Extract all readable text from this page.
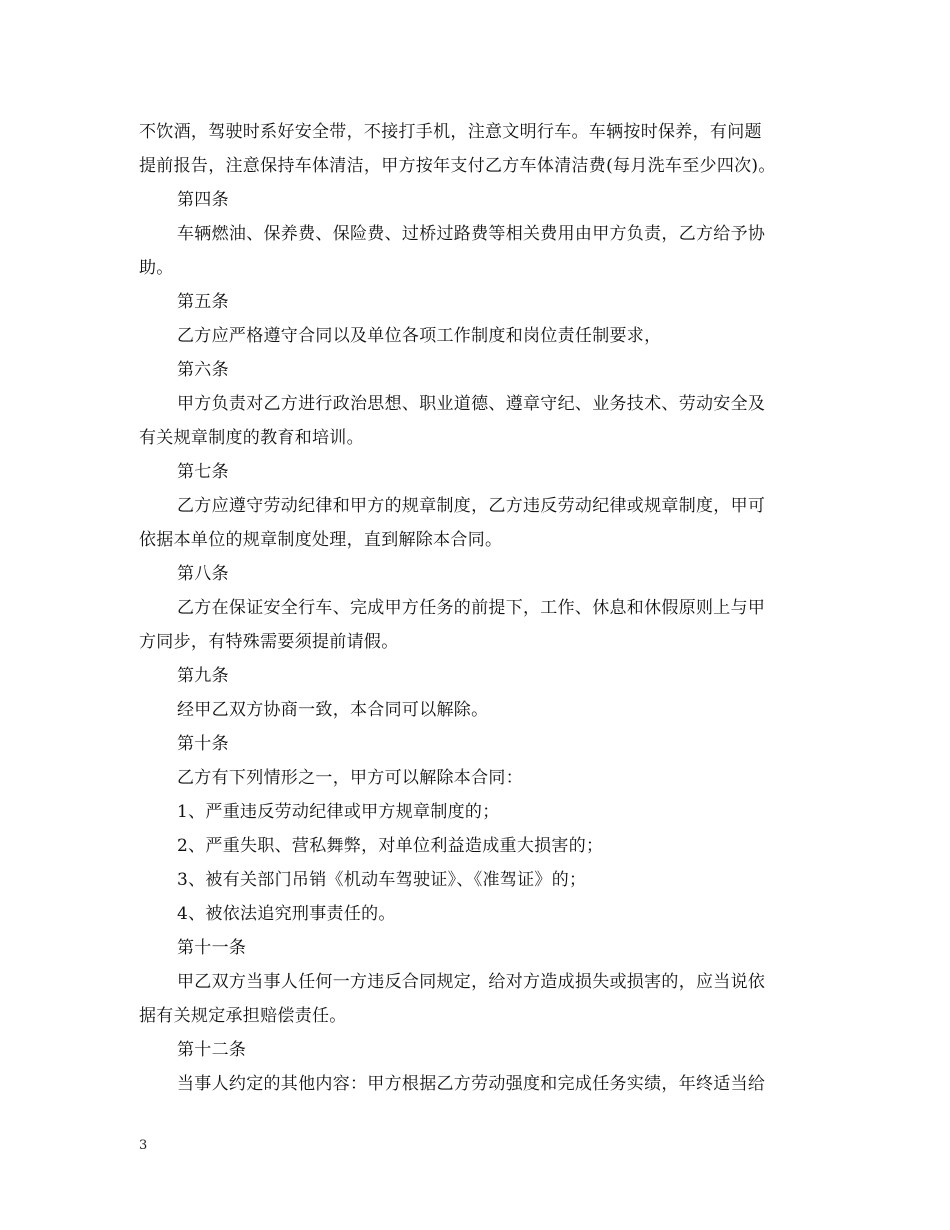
不饮酒，驾驶时系好安全带，不接打手机，注意文明行车。车辆按时保养，有问题

提前报告，注意保持车体清洁，甲方按年支付乙方车体清洁费(每月洗车至少四次)。

第四条

车辆燃油、保养费、保险费、过桥过路费等相关费用由甲方负责，乙方给予协

助。

第五条

乙方应严格遵守合同以及单位各项工作制度和岗位责任制要求，

第六条

甲方负责对乙方进行政治思想、职业道德、遵章守纪、业务技术、劳动安全及

有关规章制度的教育和培训。

第七条

乙方应遵守劳动纪律和甲方的规章制度，乙方违反劳动纪律或规章制度，甲可

依据本单位的规章制度处理，直到解除本合同。

第八条

乙方在保证安全行车、完成甲方任务的前提下，工作、休息和休假原则上与甲

方同步，有特殊需要须提前请假。

第九条

经甲乙双方协商一致，本合同可以解除。

第十条

乙方有下列情形之一，甲方可以解除本合同：

1、严重违反劳动纪律或甲方规章制度的；

2、严重失职、营私舞弊，对单位利益造成重大损害的；

3、被有关部门吊销《机动车驾驶证》、《准驾证》的；

4、被依法追究刑事责任的。

第十一条

甲乙双方当事人任何一方违反合同规定，给对方造成损失或损害的，应当说依

据有关规定承担赔偿责任。

第十二条

当事人约定的其他内容：甲方根据乙方劳动强度和完成任务实绩，年终适当给

3
